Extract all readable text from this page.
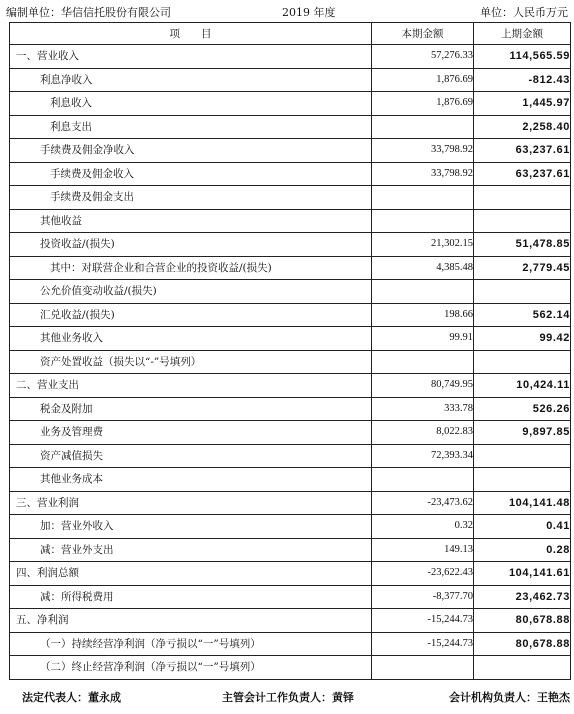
编制单位：华信信托股份有限公司	2019 年度	单位：人民币万元
项　　目	本期金额	上期金额
一、营业收入	57,276.33	114,565.59
利息净收入	1,876.69	-812.43
利息收入	1,876.69	1,445.97
利息支出		2,258.40
手续费及佣金净收入	33,798.92	63,237.61
手续费及佣金收入	33,798.92	63,237.61
手续费及佣金支出		
其他收益		
投资收益/(损失)	21,302.15	51,478.85
其中：对联营企业和合营企业的投资收益/(损失)	4,385.48	2,779.45
公允价值变动收益/(损失)		
汇兑收益/(损失)	198.66	562.14
其他业务收入	99.91	99.42
资产处置收益（损失以“-”号填列）		
二、营业支出	80,749.95	10,424.11
税金及附加	333.78	526.26
业务及管理费	8,022.83	9,897.85
资产减值损失	72,393.34	
其他业务成本		
三、营业利润	-23,473.62	104,141.48
加：营业外收入	0.32	0.41
减：营业外支出	149.13	0.28
四、利润总额	-23,622.43	104,141.61
减：所得税费用	-8,377.70	23,462.73
五、净利润	-15,244.73	80,678.88
（一）持续经营净利润（净亏损以“一”号填列）	-15,244.73	80,678.88
（二）终止经营净利润（净亏损以“一”号填列）		
法定代表人：董永成	主管会计工作负责人：黄铎	会计机构负责人：王艳杰
